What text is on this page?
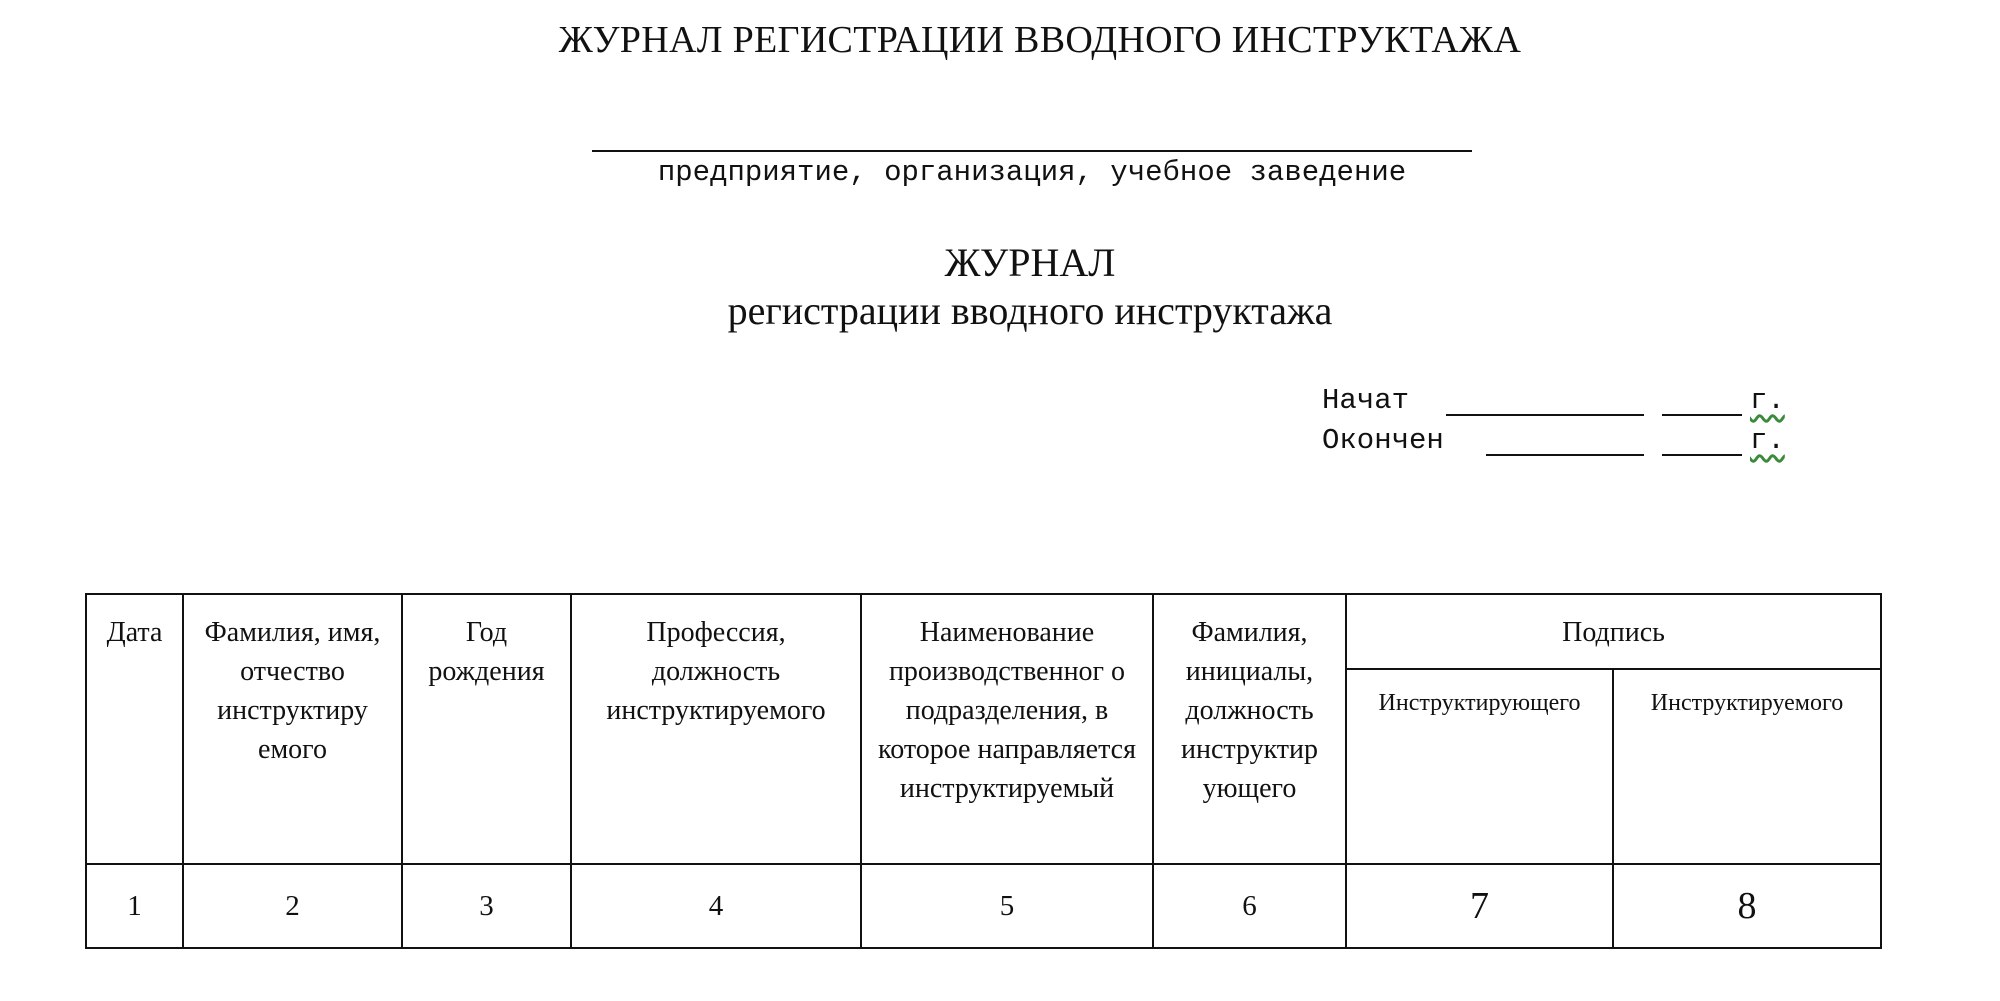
ЖУРНАЛ РЕГИСТРАЦИИ ВВОДНОГО ИНСТРУКТАЖА
предприятие, организация, учебное заведение
ЖУРНАЛ
регистрации вводного инструктажа
Начат	г.
Окончен	г.
Дата	Фамилия, имя, отчество инструктиру емого	Год рождения	Профессия, должность инструктируемого	Наименование производственног о подразделения, в которое направляется инструктируемый	Фамилия, инициалы, должность инструктир ующего	Подпись	
						Инструктирующего	Инструктируемого
1	2	3	4	5	6	7	8
